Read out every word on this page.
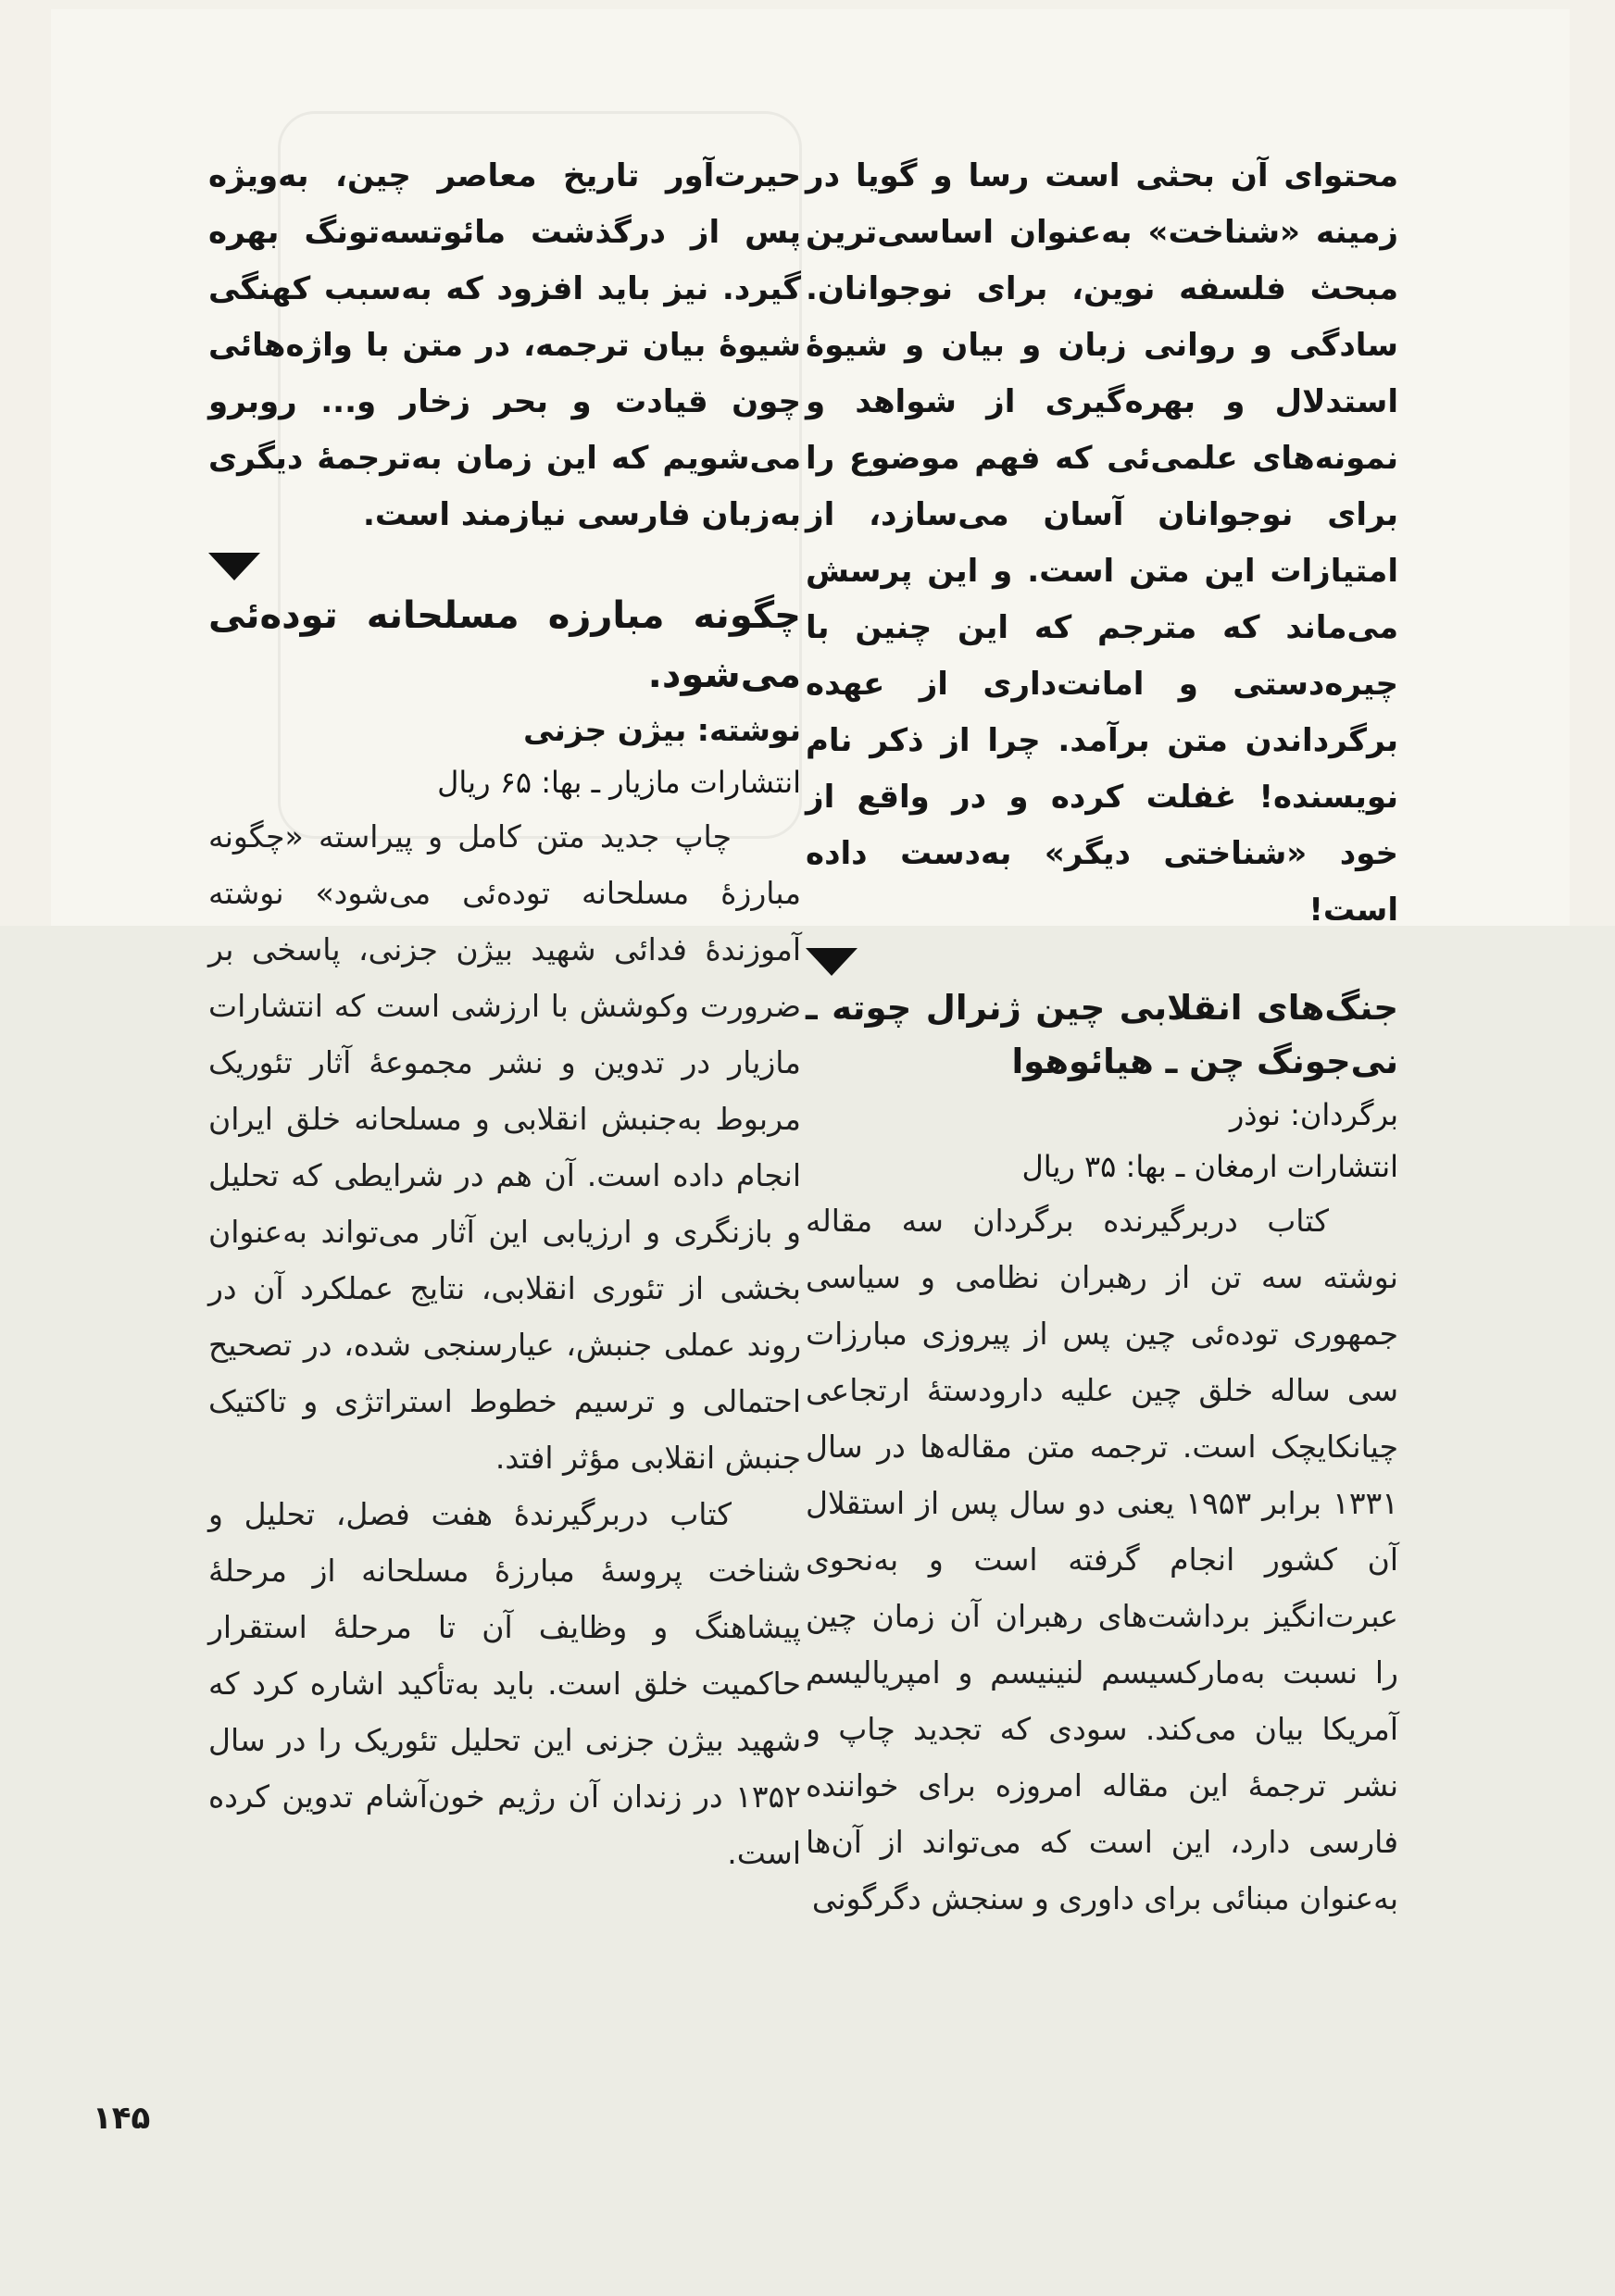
محتوای آن بحثی است رسا و گویا در زمینه «شناخت» به‌عنوان اساسی‌ترین مبحث فلسفه نوین، برای نوجوانان. سادگی و روانی زبان و بیان و شیوهٔ استدلال و بهره‌گیری از شواهد و نمونه‌های علمی‌ئی که فهم موضوع را برای نوجوانان آسان می‌سازد، از امتیازات این متن است. و این پرسش می‌ماند که مترجم که این چنین با چیره‌دستی و امانت‌داری از عهده برگرداندن متن برآمد. چرا از ذکر نام نویسنده! غفلت کرده و در واقع از خود «شناختی دیگر» به‌دست داده است!

جنگ‌های انقلابی چین ژنرال چوته ـ نی‌جونگ چن ـ هیائوهوا

برگردان: نوذر

انتشارات ارمغان ـ بها: ۳۵ ریال

کتاب دربرگیرنده برگردان سه مقاله نوشته سه تن از رهبران نظامی و سیاسی جمهوری توده‌ئی چین پس از پیروزی مبارزات سی ساله خلق چین علیه دارودستهٔ ارتجاعی چیانکایچک است. ترجمه متن مقاله‌ها در سال ۱۳۳۱ برابر ۱۹۵۳ یعنی دو سال پس از استقلال آن کشور انجام گرفته است و به‌نحوی عبرت‌انگیز برداشت‌های رهبران آن زمان چین را نسبت به‌مارکسیسم لنینیسم و امپریالیسم آمریکا بیان می‌کند. سودی که تجدید چاپ و نشر ترجمهٔ این مقاله امروزه برای خواننده فارسی دارد، این است که می‌تواند از آن‌ها به‌عنوان مبنائی برای داوری و سنجش دگرگونی

حیرت‌آور تاریخ معاصر چین، به‌ویژه پس از درگذشت مائوتسه‌تونگ بهره گیرد. نیز باید افزود که به‌سبب کهنگی شیوهٔ بیان ترجمه، در متن با واژه‌هائی چون قیادت و بحر زخار و... روبرو می‌شویم که این زمان به‌ترجمهٔ دیگری به‌زبان فارسی نیازمند است.

چگونه مبارزه مسلحانه توده‌ئی می‌شود.

نوشته: بیژن جزنی

انتشارات مازیار ـ بها: ۶۵ ریال

چاپ جدید متن کامل و پیراسته «چگونه مبارزهٔ مسلحانه توده‌ئی می‌شود» نوشته آموزندهٔ فدائی شهید بیژن جزنی، پاسخی بر ضرورت وکوشش با ارزشی است که انتشارات مازیار در تدوین و نشر مجموعهٔ آثار تئوریک مربوط به‌جنبش انقلابی و مسلحانه خلق ایران انجام داده است. آن هم در شرایطی که تحلیل و بازنگری و ارزیابی این آثار می‌تواند به‌عنوان بخشی از تئوری انقلابی، نتایج عملکرد آن در روند عملی جنبش، عیارسنجی شده، در تصحیح احتمالی و ترسیم خطوط استراتژی و تاکتیک جنبش انقلابی مؤثر افتد.

کتاب دربرگیرندهٔ هفت فصل، تحلیل و شناخت پروسهٔ مبارزهٔ مسلحانه از مرحلهٔ پیشاهنگ و وظایف آن تا مرحلهٔ استقرار حاکمیت خلق است. باید به‌تأکید اشاره کرد که شهید بیژن جزنی این تحلیل تئوریک را در سال ۱۳۵۲ در زندان آن رژیم خون‌آشام تدوین کرده است.

۱۴۵
